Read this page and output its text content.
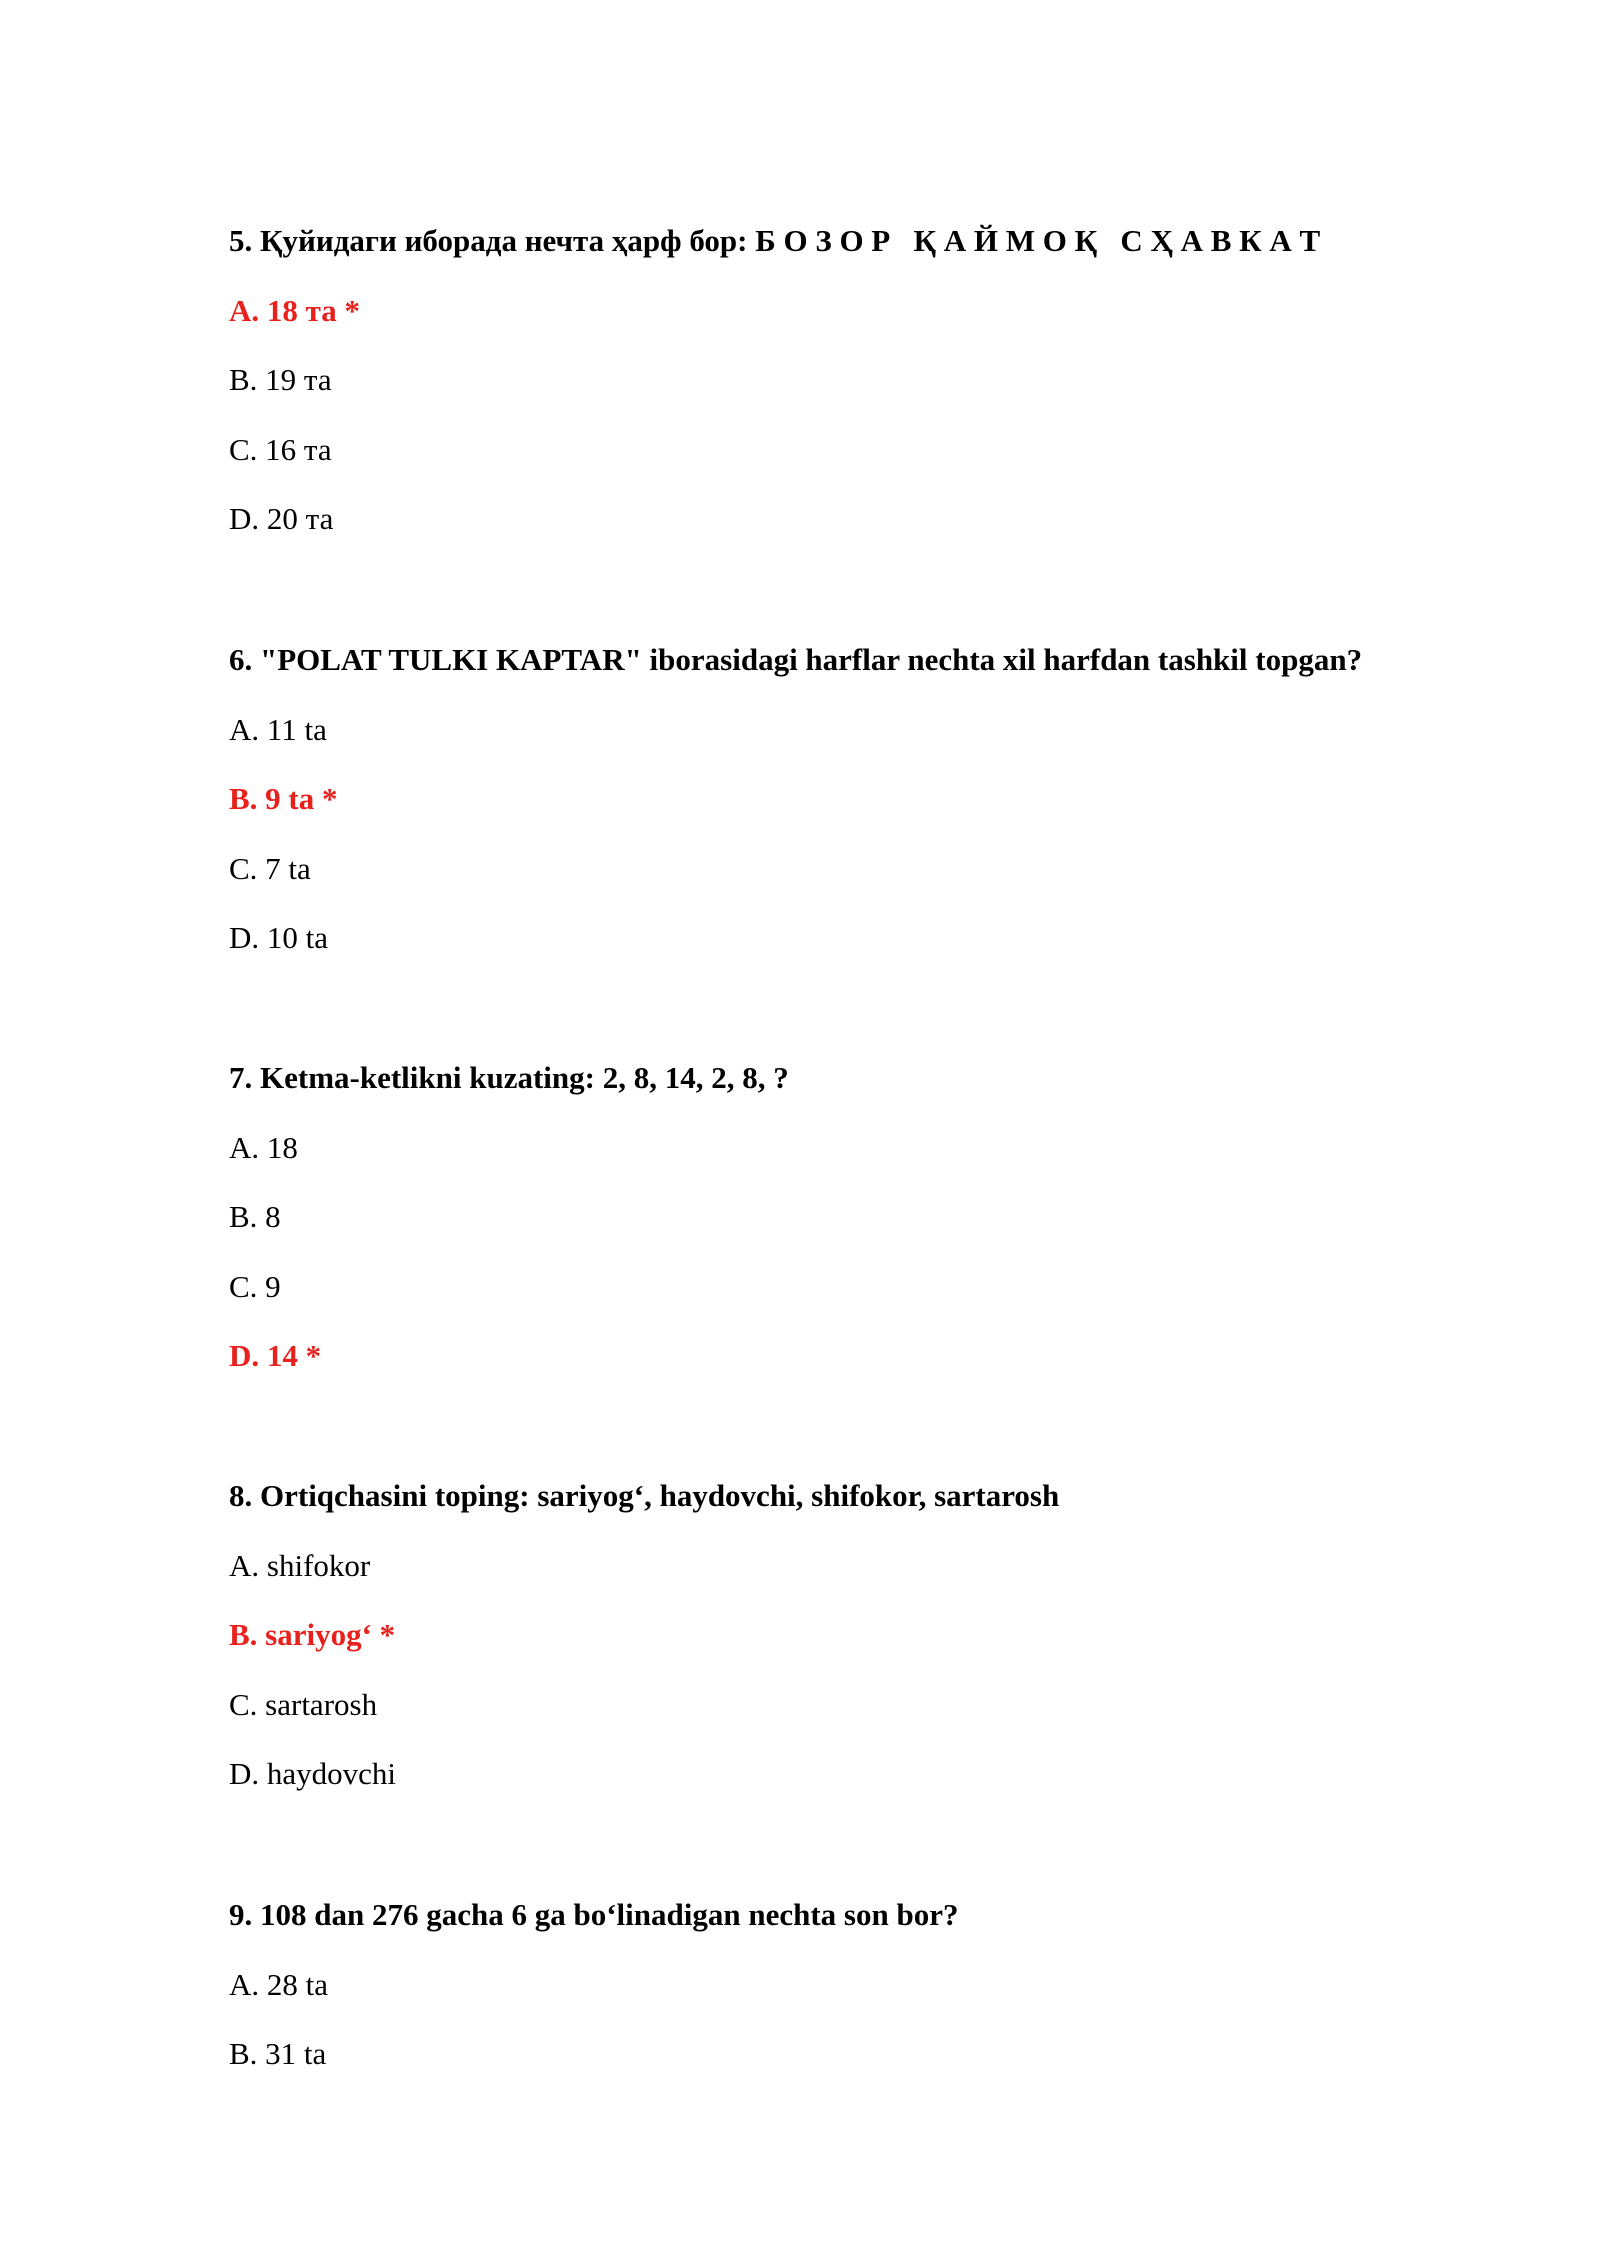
5. Қуйидаги иборада нечта ҳарф бор: Б О З О Р   Қ А Й М О Қ   С Ҳ А В К А Т
A. 18 та *
B. 19 та
C. 16 та
D. 20 та
6. "POLAT TULKI KAPTAR" iborasidagi harflar nechta xil harfdan tashkil topgan?
A. 11 ta
B. 9 ta *
C. 7 ta
D. 10 ta
7. Ketma-ketlikni kuzating: 2, 8, 14, 2, 8, ?
A. 18
B. 8
C. 9
D. 14 *
8. Ortiqchasini toping: sariyog‘, haydovchi, shifokor, sartarosh
A. shifokor
B. sariyog‘ *
C. sartarosh
D. haydovchi
9. 108 dan 276 gacha 6 ga bo‘linadigan nechta son bor?
A. 28 ta
B. 31 ta
